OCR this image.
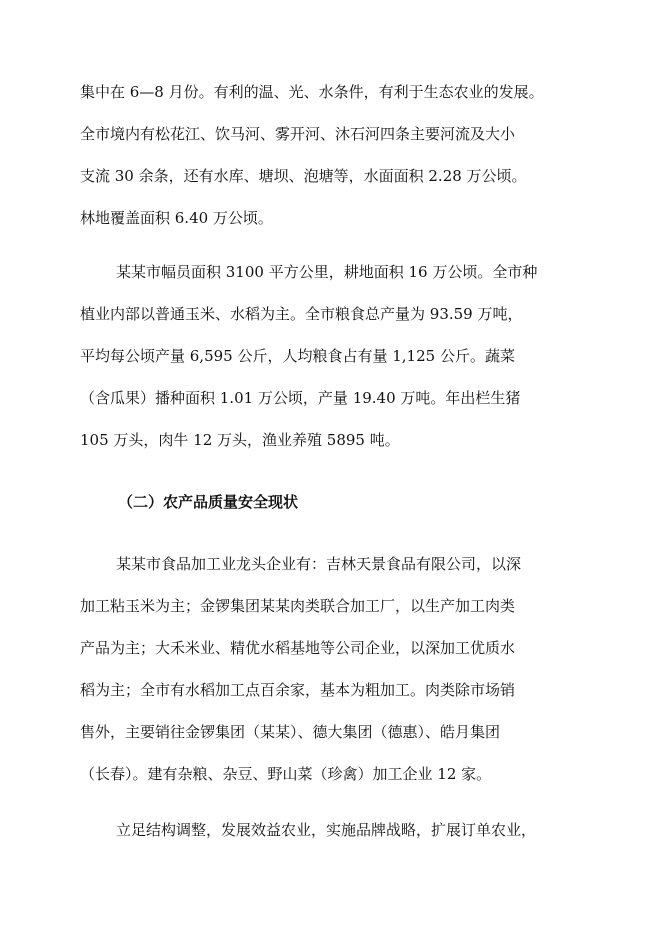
集中在 6—8 月份。有利的温、光、水条件，有利于生态农业的发展。

全市境内有松花江、饮马河、雾开河、沐石河四条主要河流及大小

支流 30 余条，还有水库、塘坝、泡塘等，水面面积 2.28 万公顷。

林地覆盖面积 6.40 万公顷。

某某市幅员面积 3100 平方公里，耕地面积 16 万公顷。全市种

植业内部以普通玉米、水稻为主。全市粮食总产量为 93.59 万吨，

平均每公顷产量 6,595 公斤，人均粮食占有量 1,125 公斤。蔬菜

（含瓜果）播种面积 1.01 万公顷，产量 19.40 万吨。年出栏生猪

105 万头，肉牛 12 万头，渔业养殖 5895 吨。

（二）农产品质量安全现状

某某市食品加工业龙头企业有：吉林天景食品有限公司，以深

加工粘玉米为主；金锣集团某某肉类联合加工厂，以生产加工肉类

产品为主；大禾米业、精优水稻基地等公司企业，以深加工优质水

稻为主；全市有水稻加工点百余家，基本为粗加工。肉类除市场销

售外，主要销往金锣集团（某某）、德大集团（德惠）、皓月集团

（长春）。建有杂粮、杂豆、野山菜（珍禽）加工企业 12 家。

立足结构调整，发展效益农业，实施品牌战略，扩展订单农业，
